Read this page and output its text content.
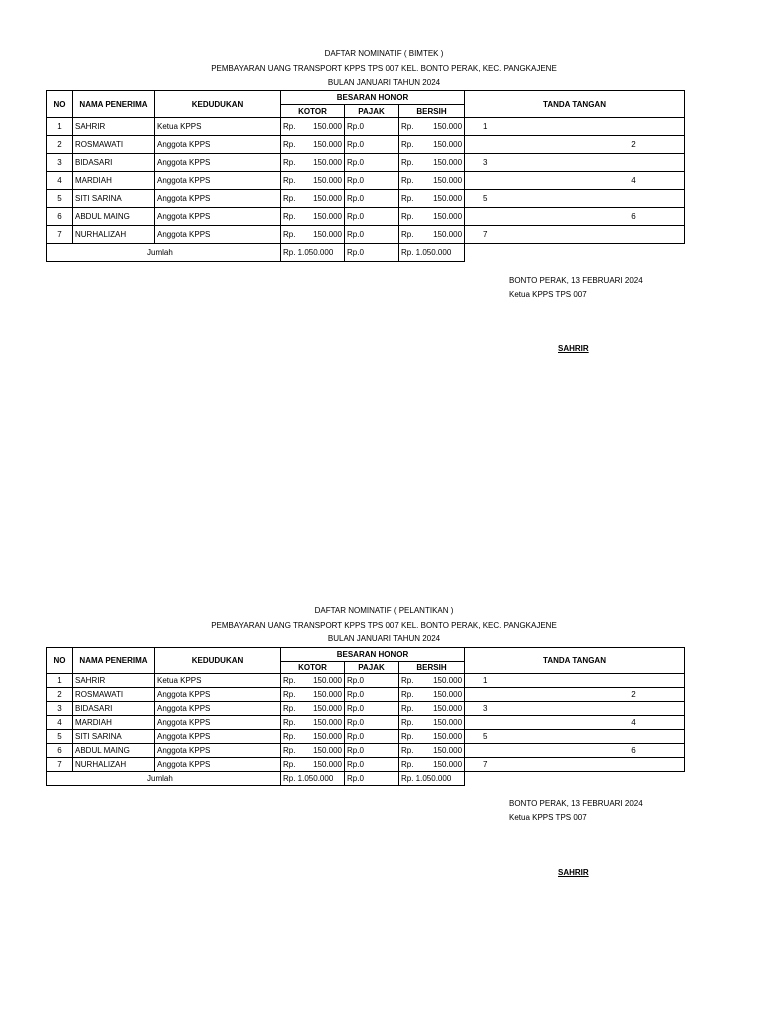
DAFTAR NOMINATIF ( BIMTEK )
PEMBAYARAN UANG TRANSPORT KPPS TPS 007 KEL. BONTO PERAK, KEC. PANGKAJENE
BULAN JANUARI TAHUN 2024
NO	NAMA PENERIMA	KEDUDUKAN	BESARAN HONOR			TANDA TANGAN
			KOTOR	PAJAK	BERSIH	
1	SAHRIR	Ketua KPPS	Rp. 150.000	Rp.0	Rp. 150.000	1
2	ROSMAWATI	Anggota KPPS	Rp. 150.000	Rp.0	Rp. 150.000	2
3	BIDASARI	Anggota KPPS	Rp. 150.000	Rp.0	Rp. 150.000	3
4	MARDIAH	Anggota KPPS	Rp. 150.000	Rp.0	Rp. 150.000	4
5	SITI SARINA	Anggota KPPS	Rp. 150.000	Rp.0	Rp. 150.000	5
6	ABDUL MAING	Anggota KPPS	Rp. 150.000	Rp.0	Rp. 150.000	6
7	NURHALIZAH	Anggota KPPS	Rp. 150.000	Rp.0	Rp. 150.000	7
Jumlah			Rp. 1.050.000	Rp.0	Rp. 1.050.000	
BONTO PERAK, 13 FEBRUARI 2024
Ketua KPPS TPS 007
SAHRIR
DAFTAR NOMINATIF ( PELANTIKAN )
PEMBAYARAN UANG TRANSPORT KPPS TPS 007 KEL. BONTO PERAK, KEC. PANGKAJENE
BULAN JANUARI TAHUN 2024
NO	NAMA PENERIMA	KEDUDUKAN	BESARAN HONOR			TANDA TANGAN
			KOTOR	PAJAK	BERSIH	
1	SAHRIR	Ketua KPPS	Rp. 150.000	Rp.0	Rp. 150.000	1
2	ROSMAWATI	Anggota KPPS	Rp. 150.000	Rp.0	Rp. 150.000	2
3	BIDASARI	Anggota KPPS	Rp. 150.000	Rp.0	Rp. 150.000	3
4	MARDIAH	Anggota KPPS	Rp. 150.000	Rp.0	Rp. 150.000	4
5	SITI SARINA	Anggota KPPS	Rp. 150.000	Rp.0	Rp. 150.000	5
6	ABDUL MAING	Anggota KPPS	Rp. 150.000	Rp.0	Rp. 150.000	6
7	NURHALIZAH	Anggota KPPS	Rp. 150.000	Rp.0	Rp. 150.000	7
Jumlah			Rp. 1.050.000	Rp.0	Rp. 1.050.000	
BONTO PERAK, 13 FEBRUARI 2024
Ketua KPPS TPS 007
SAHRIR
